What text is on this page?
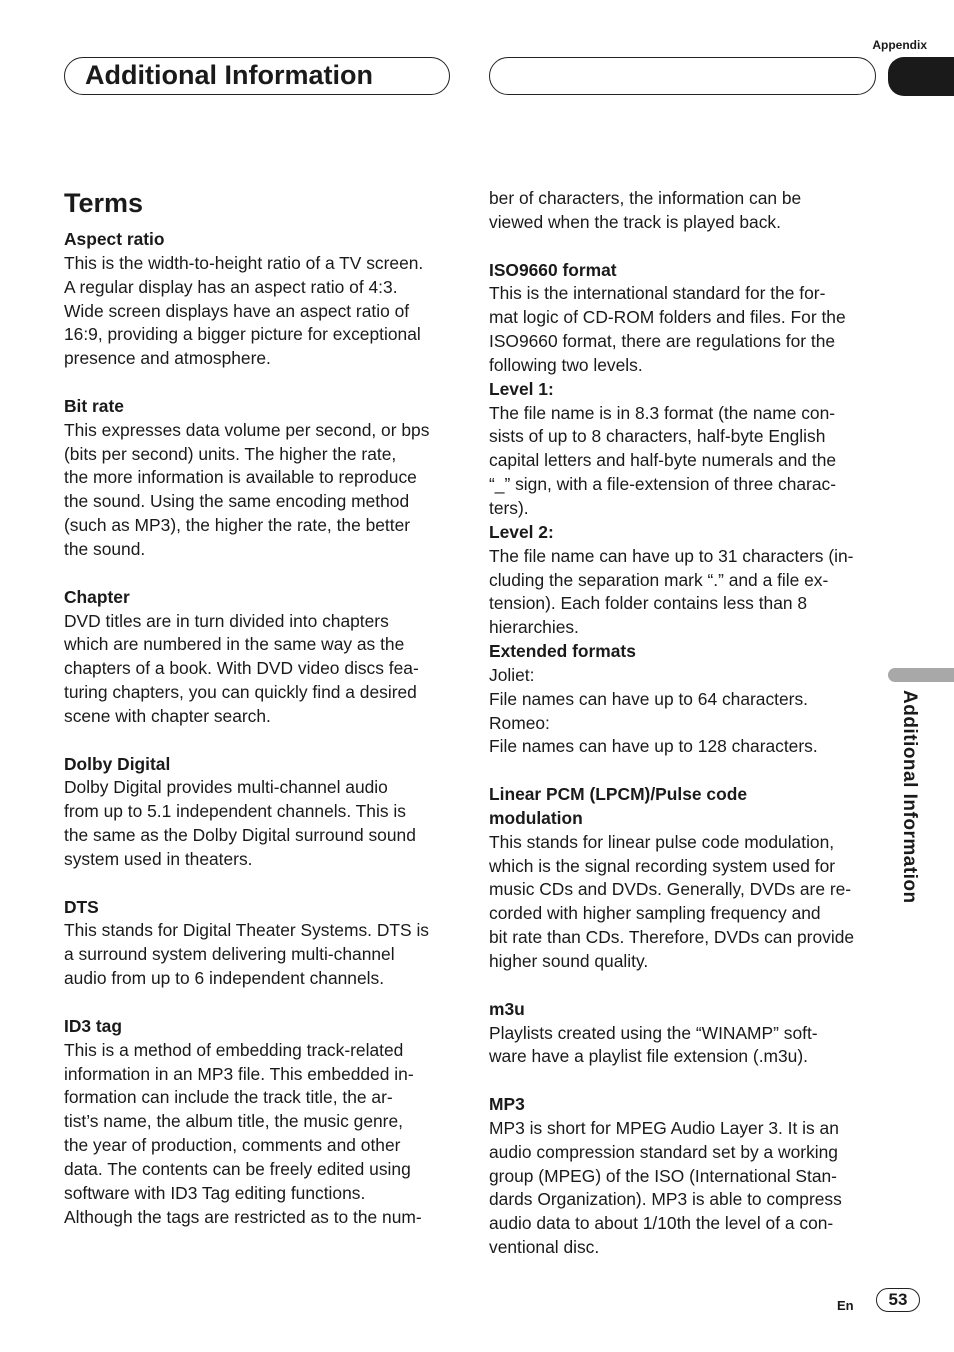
Appendix
Additional Information
Additional Information
Terms
Aspect ratio

This is the width-to-height ratio of a TV screen.

A regular display has an aspect ratio of 4:3.

Wide screen displays have an aspect ratio of

16:9, providing a bigger picture for exceptional

presence and atmosphere.

Bit rate

This expresses data volume per second, or bps

(bits per second) units. The higher the rate,

the more information is available to reproduce

the sound. Using the same encoding method

(such as MP3), the higher the rate, the better

the sound.

Chapter

DVD titles are in turn divided into chapters

which are numbered in the same way as the

chapters of a book. With DVD video discs fea-

turing chapters, you can quickly find a desired

scene with chapter search.

Dolby Digital

Dolby Digital provides multi-channel audio

from up to 5.1 independent channels. This is

the same as the Dolby Digital surround sound

system used in theaters.

DTS

This stands for Digital Theater Systems. DTS is

a surround system delivering multi-channel

audio from up to 6 independent channels.

ID3 tag

This is a method of embedding track-related

information in an MP3 file. This embedded in-

formation can include the track title, the ar-

tist’s name, the album title, the music genre,

the year of production, comments and other

data. The contents can be freely edited using

software with ID3 Tag editing functions.

Although the tags are restricted as to the num-

ber of characters, the information can be

viewed when the track is played back.

ISO9660 format

This is the international standard for the for-

mat logic of CD-ROM folders and files. For the

ISO9660 format, there are regulations for the

following two levels.

Level 1:

The file name is in 8.3 format (the name con-

sists of up to 8 characters, half-byte English

capital letters and half-byte numerals and the

“_” sign, with a file-extension of three charac-

ters).

Level 2:

The file name can have up to 31 characters (in-

cluding the separation mark “.” and a file ex-

tension). Each folder contains less than 8

hierarchies.

Extended formats

Joliet:

File names can have up to 64 characters.

Romeo:

File names can have up to 128 characters.

Linear PCM (LPCM)/Pulse code
modulation

This stands for linear pulse code modulation,

which is the signal recording system used for

music CDs and DVDs. Generally, DVDs are re-

corded with higher sampling frequency and

bit rate than CDs. Therefore, DVDs can provide

higher sound quality.

m3u

Playlists created using the “WINAMP” soft-

ware have a playlist file extension (.m3u).

MP3

MP3 is short for MPEG Audio Layer 3. It is an

audio compression standard set by a working

group (MPEG) of the ISO (International Stan-

dards Organization). MP3 is able to compress

audio data to about 1/10th the level of a con-

ventional disc.

En	53
